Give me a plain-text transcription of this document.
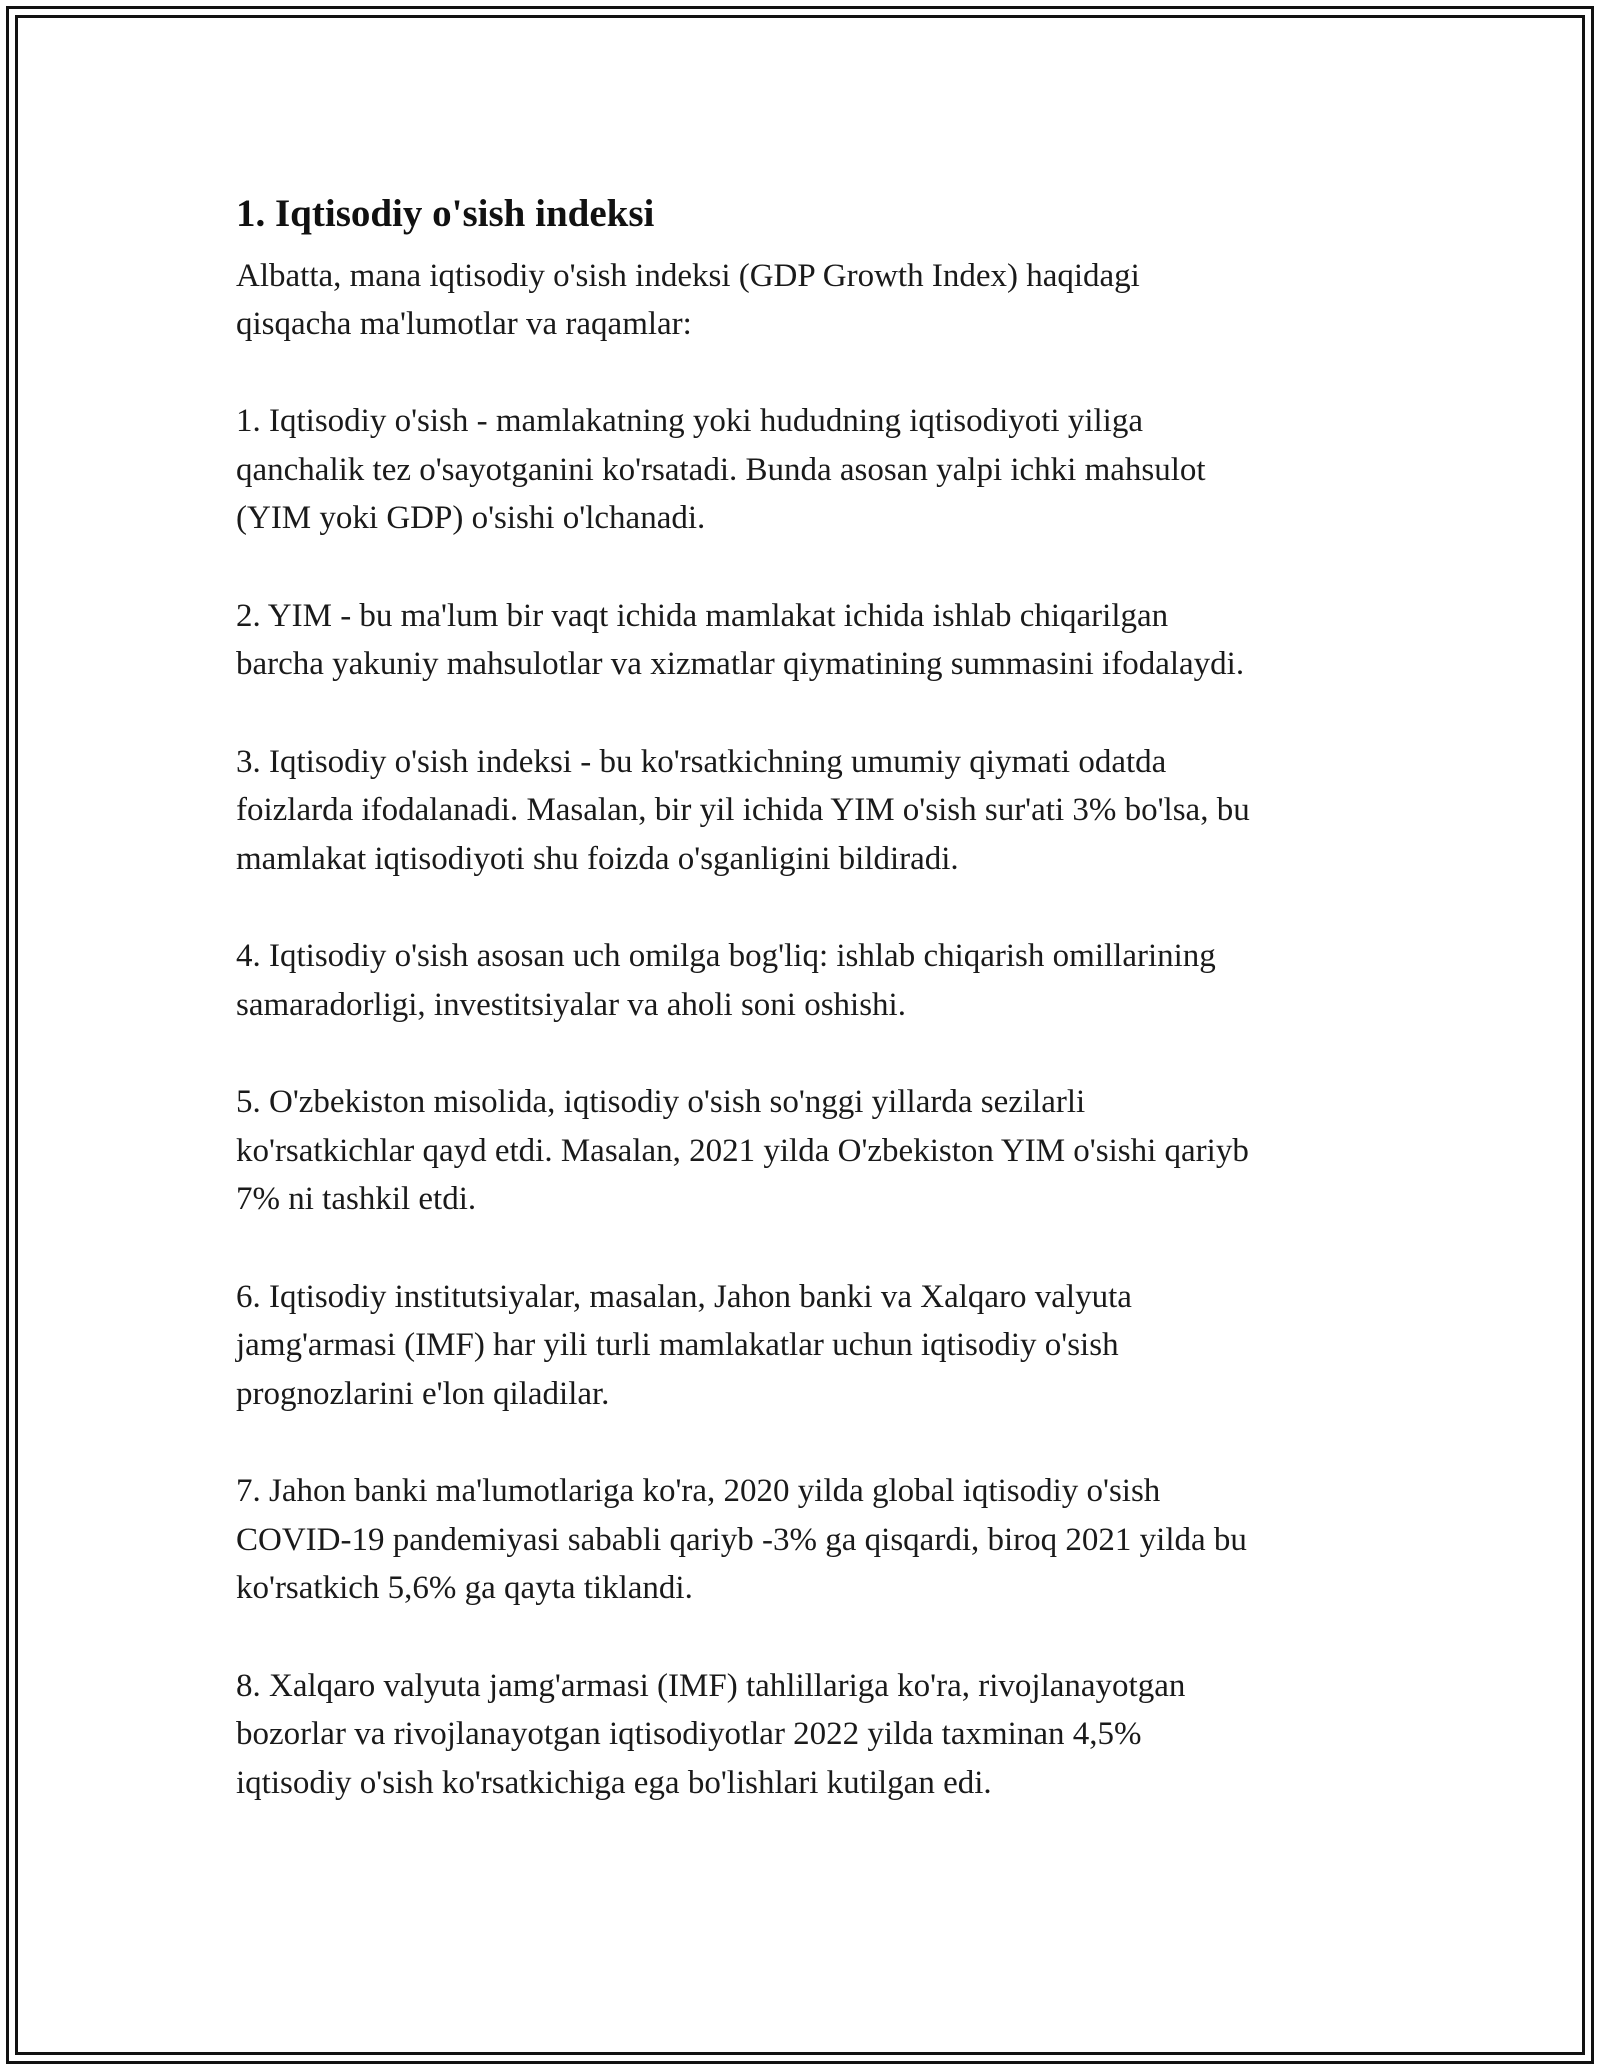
1. Iqtisodiy o'sish indeksi

Albatta, mana iqtisodiy o'sish indeksi (GDP Growth Index) haqidagi
qisqacha ma'lumotlar va raqamlar:

1. Iqtisodiy o'sish - mamlakatning yoki hududning iqtisodiyoti yiliga
qanchalik tez o'sayotganini ko'rsatadi. Bunda asosan yalpi ichki mahsulot
(YIM yoki GDP) o'sishi o'lchanadi.

2. YIM - bu ma'lum bir vaqt ichida mamlakat ichida ishlab chiqarilgan
barcha yakuniy mahsulotlar va xizmatlar qiymatining summasini ifodalaydi.

3. Iqtisodiy o'sish indeksi - bu ko'rsatkichning umumiy qiymati odatda
foizlarda ifodalanadi. Masalan, bir yil ichida YIM o'sish sur'ati 3% bo'lsa, bu
mamlakat iqtisodiyoti shu foizda o'sganligini bildiradi.

4. Iqtisodiy o'sish asosan uch omilga bog'liq: ishlab chiqarish omillarining
samaradorligi, investitsiyalar va aholi soni oshishi.

5. O'zbekiston misolida, iqtisodiy o'sish so'nggi yillarda sezilarli
ko'rsatkichlar qayd etdi. Masalan, 2021 yilda O'zbekiston YIM o'sishi qariyb
7% ni tashkil etdi.

6. Iqtisodiy institutsiyalar, masalan, Jahon banki va Xalqaro valyuta
jamg'armasi (IMF) har yili turli mamlakatlar uchun iqtisodiy o'sish
prognozlarini e'lon qiladilar.

7. Jahon banki ma'lumotlariga ko'ra, 2020 yilda global iqtisodiy o'sish
COVID-19 pandemiyasi sababli qariyb -3% ga qisqardi, biroq 2021 yilda bu
ko'rsatkich 5,6% ga qayta tiklandi.

8. Xalqaro valyuta jamg'armasi (IMF) tahlillariga ko'ra, rivojlanayotgan
bozorlar va rivojlanayotgan iqtisodiyotlar 2022 yilda taxminan 4,5%
iqtisodiy o'sish ko'rsatkichiga ega bo'lishlari kutilgan edi.
